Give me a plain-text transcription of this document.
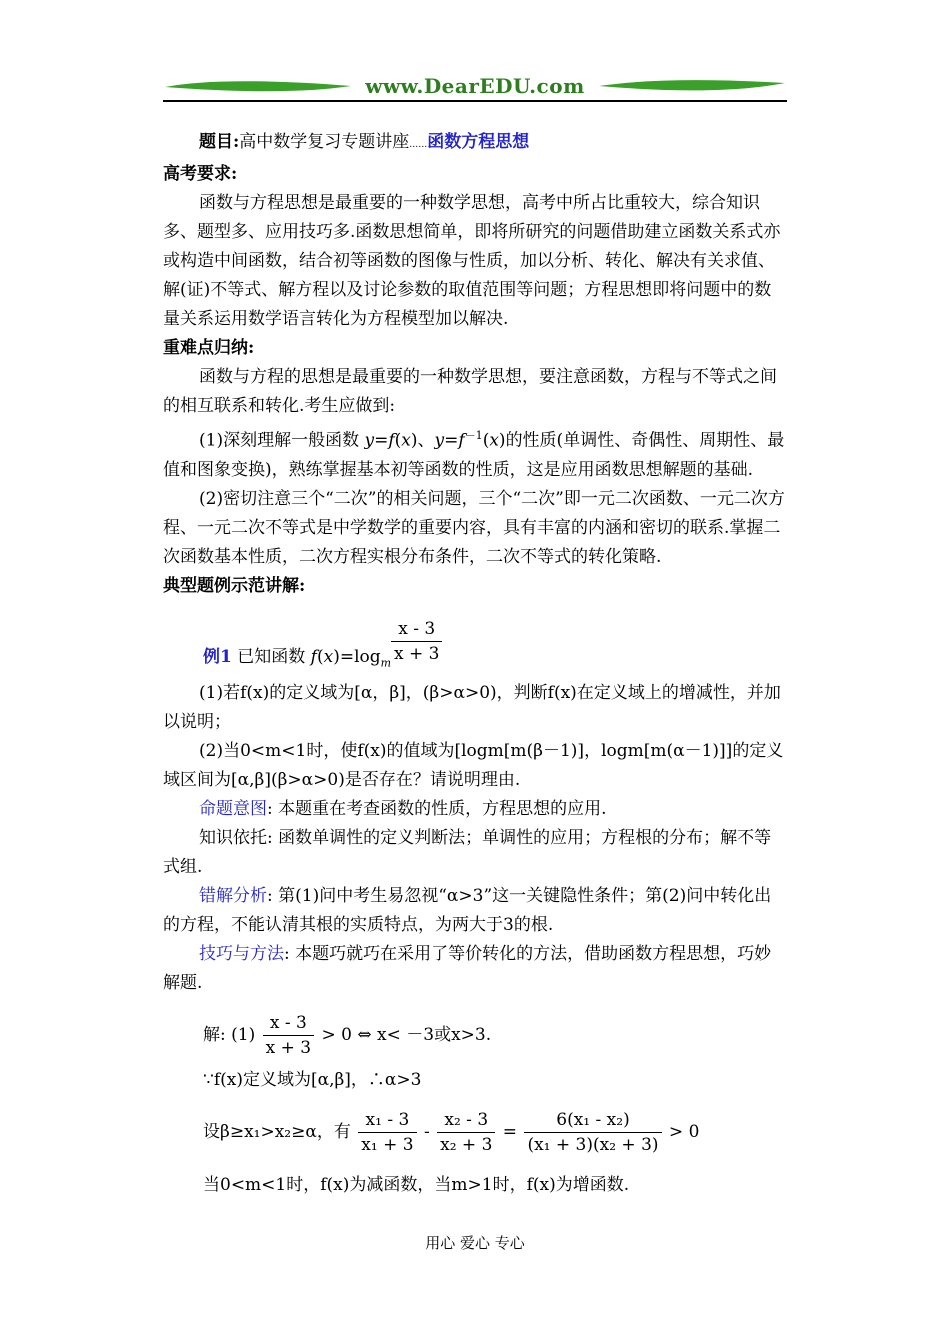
www.DearEDU.com

题目:高中数学复习专题讲座……函数方程思想

高考要求:

函数与方程思想是最重要的一种数学思想，高考中所占比重较大，综合知识多、题型多、应用技巧多.函数思想简单，即将所研究的问题借助建立函数关系式亦或构造中间函数，结合初等函数的图像与性质，加以分析、转化、解决有关求值、解(证)不等式、解方程以及讨论参数的取值范围等问题；方程思想即将问题中的数量关系运用数学语言转化为方程模型加以解决.

重难点归纳:

函数与方程的思想是最重要的一种数学思想，要注意函数，方程与不等式之间的相互联系和转化.考生应做到:

(1)深刻理解一般函数 y=f(x)、$y=f^{-1}(x)$的性质(单调性、奇偶性、周期性、最值和图象变换)，熟练掌握基本初等函数的性质，这是应用函数思想解题的基础.

(2)密切注意三个“二次”的相关问题，三个“二次”即一元二次函数、一元二次方程、一元二次不等式是中学数学的重要内容，具有丰富的内涵和密切的联系.掌握二次函数基本性质，二次方程实根分布条件，二次不等式的转化策略.

典型题例示范讲解:

$\frac{x - 3}{x + 3}$
例1 已知函数 $f(x)=\log_m$

(1)若f(x)的定义域为[α，β]，(β>α>0)，判断f(x)在定义域上的增减性，并加以说明；

(2)当0<m<1时，使f(x)的值域为[logm[m(β－1)]，logm[m(α－1)]]的定义域区间为[α,β](β>α>0)是否存在？请说明理由.

命题意图: 本题重在考查函数的性质，方程思想的应用.

知识依托: 函数单调性的定义判断法；单调性的应用；方程根的分布；解不等式组.

错解分析: 第(1)问中考生易忽视“α>3”这一关键隐性条件；第(2)问中转化出的方程，不能认清其根的实质特点，为两大于3的根.

技巧与方法: 本题巧就巧在采用了等价转化的方法，借助函数方程思想，巧妙解题.

解: $(1) \frac{x - 3}{x + 3} > 0$ ⇔ x< －3或x>3.

∵f(x)定义域为[α,β]，∴α>3

设β≥x₁>x₂≥α，有 $\frac{\text{x₁ - 3}}{\text{x₁ + 3}} - \frac{\text{x₂ - 3}}{\text{x₂ + 3}} = \frac{\text{6(x₁ - x₂)}}{\text{(x₁ + 3)(x₂ + 3)}} > 0$

当0<m<1时，f(x)为减函数，当m>1时，f(x)为增函数.

用心 爱心 专心
